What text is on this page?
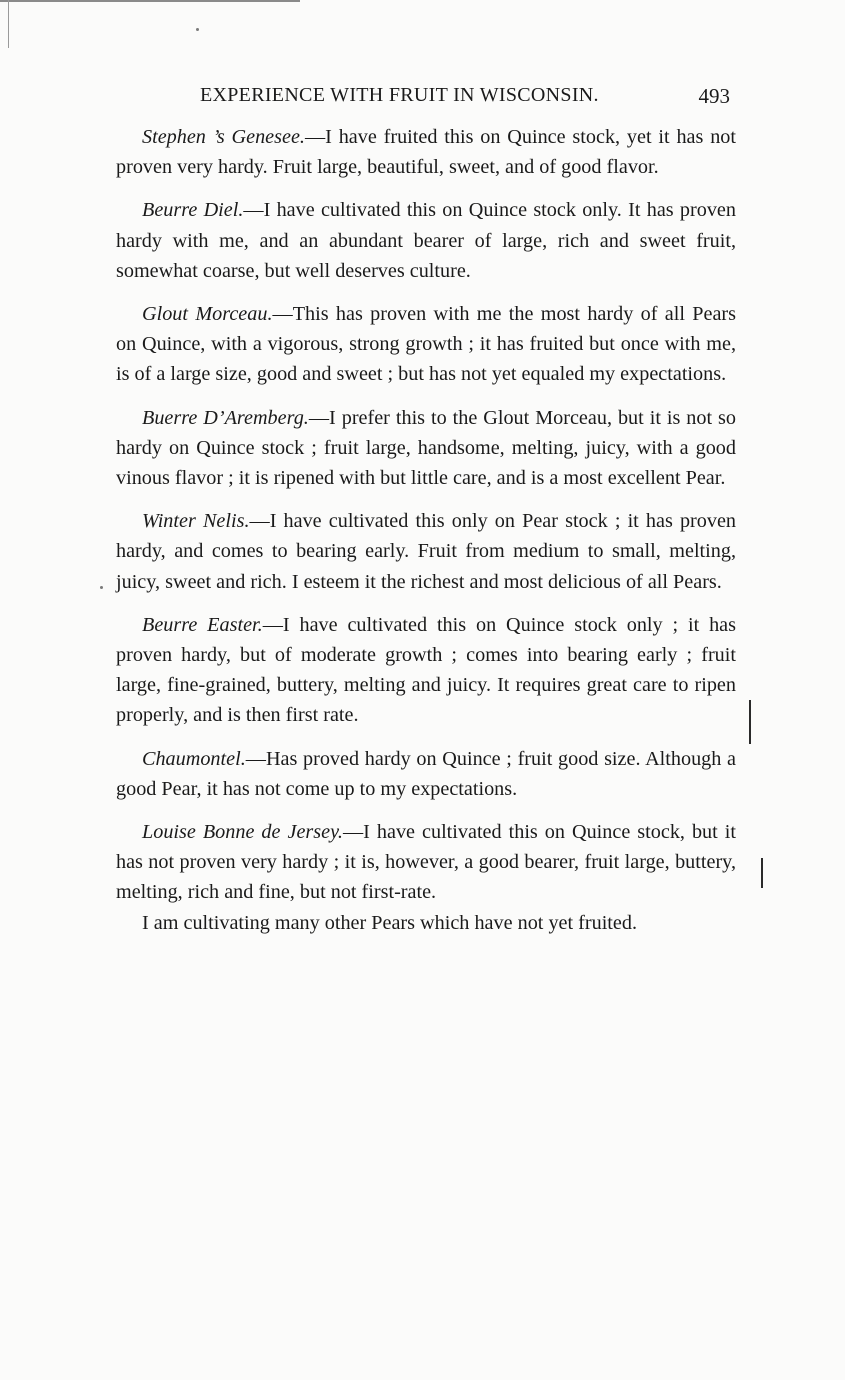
EXPERIENCE WITH FRUIT IN WISCONSIN.	493

Stephen ’s Genesee.—I have fruited this on Quince stock, yet it has not proven very hardy. Fruit large, beautiful, sweet, and of good flavor.

Beurre Diel.—I have cultivated this on Quince stock only. It has proven hardy with me, and an abundant bearer of large, rich and sweet fruit, somewhat coarse, but well deserves culture.

Glout Morceau.—This has proven with me the most hardy of all Pears on Quince, with a vigorous, strong growth ; it has fruited but once with me, is of a large size, good and sweet ; but has not yet equaled my expectations.

Buerre D’Aremberg.—I prefer this to the Glout Morceau, but it is not so hardy on Quince stock ; fruit large, handsome, melting, juicy, with a good vinous flavor ; it is ripened with but little care, and is a most excellent Pear.

Winter Nelis.—I have cultivated this only on Pear stock ; it has proven hardy, and comes to bearing early. Fruit from medium to small, melting, juicy, sweet and rich. I esteem it the richest and most delicious of all Pears.

Beurre Easter.—I have cultivated this on Quince stock only ; it has proven hardy, but of moderate growth ; comes into bearing early ; fruit large, fine-grained, buttery, melting and juicy. It requires great care to ripen properly, and is then first rate.

Chaumontel.—Has proved hardy on Quince ; fruit good size. Although a good Pear, it has not come up to my expectations.

Louise Bonne de Jersey.—I have cultivated this on Quince stock, but it has not proven very hardy ; it is, however, a good bearer, fruit large, buttery, melting, rich and fine, but not first-rate.

I am cultivating many other Pears which have not yet fruited.
